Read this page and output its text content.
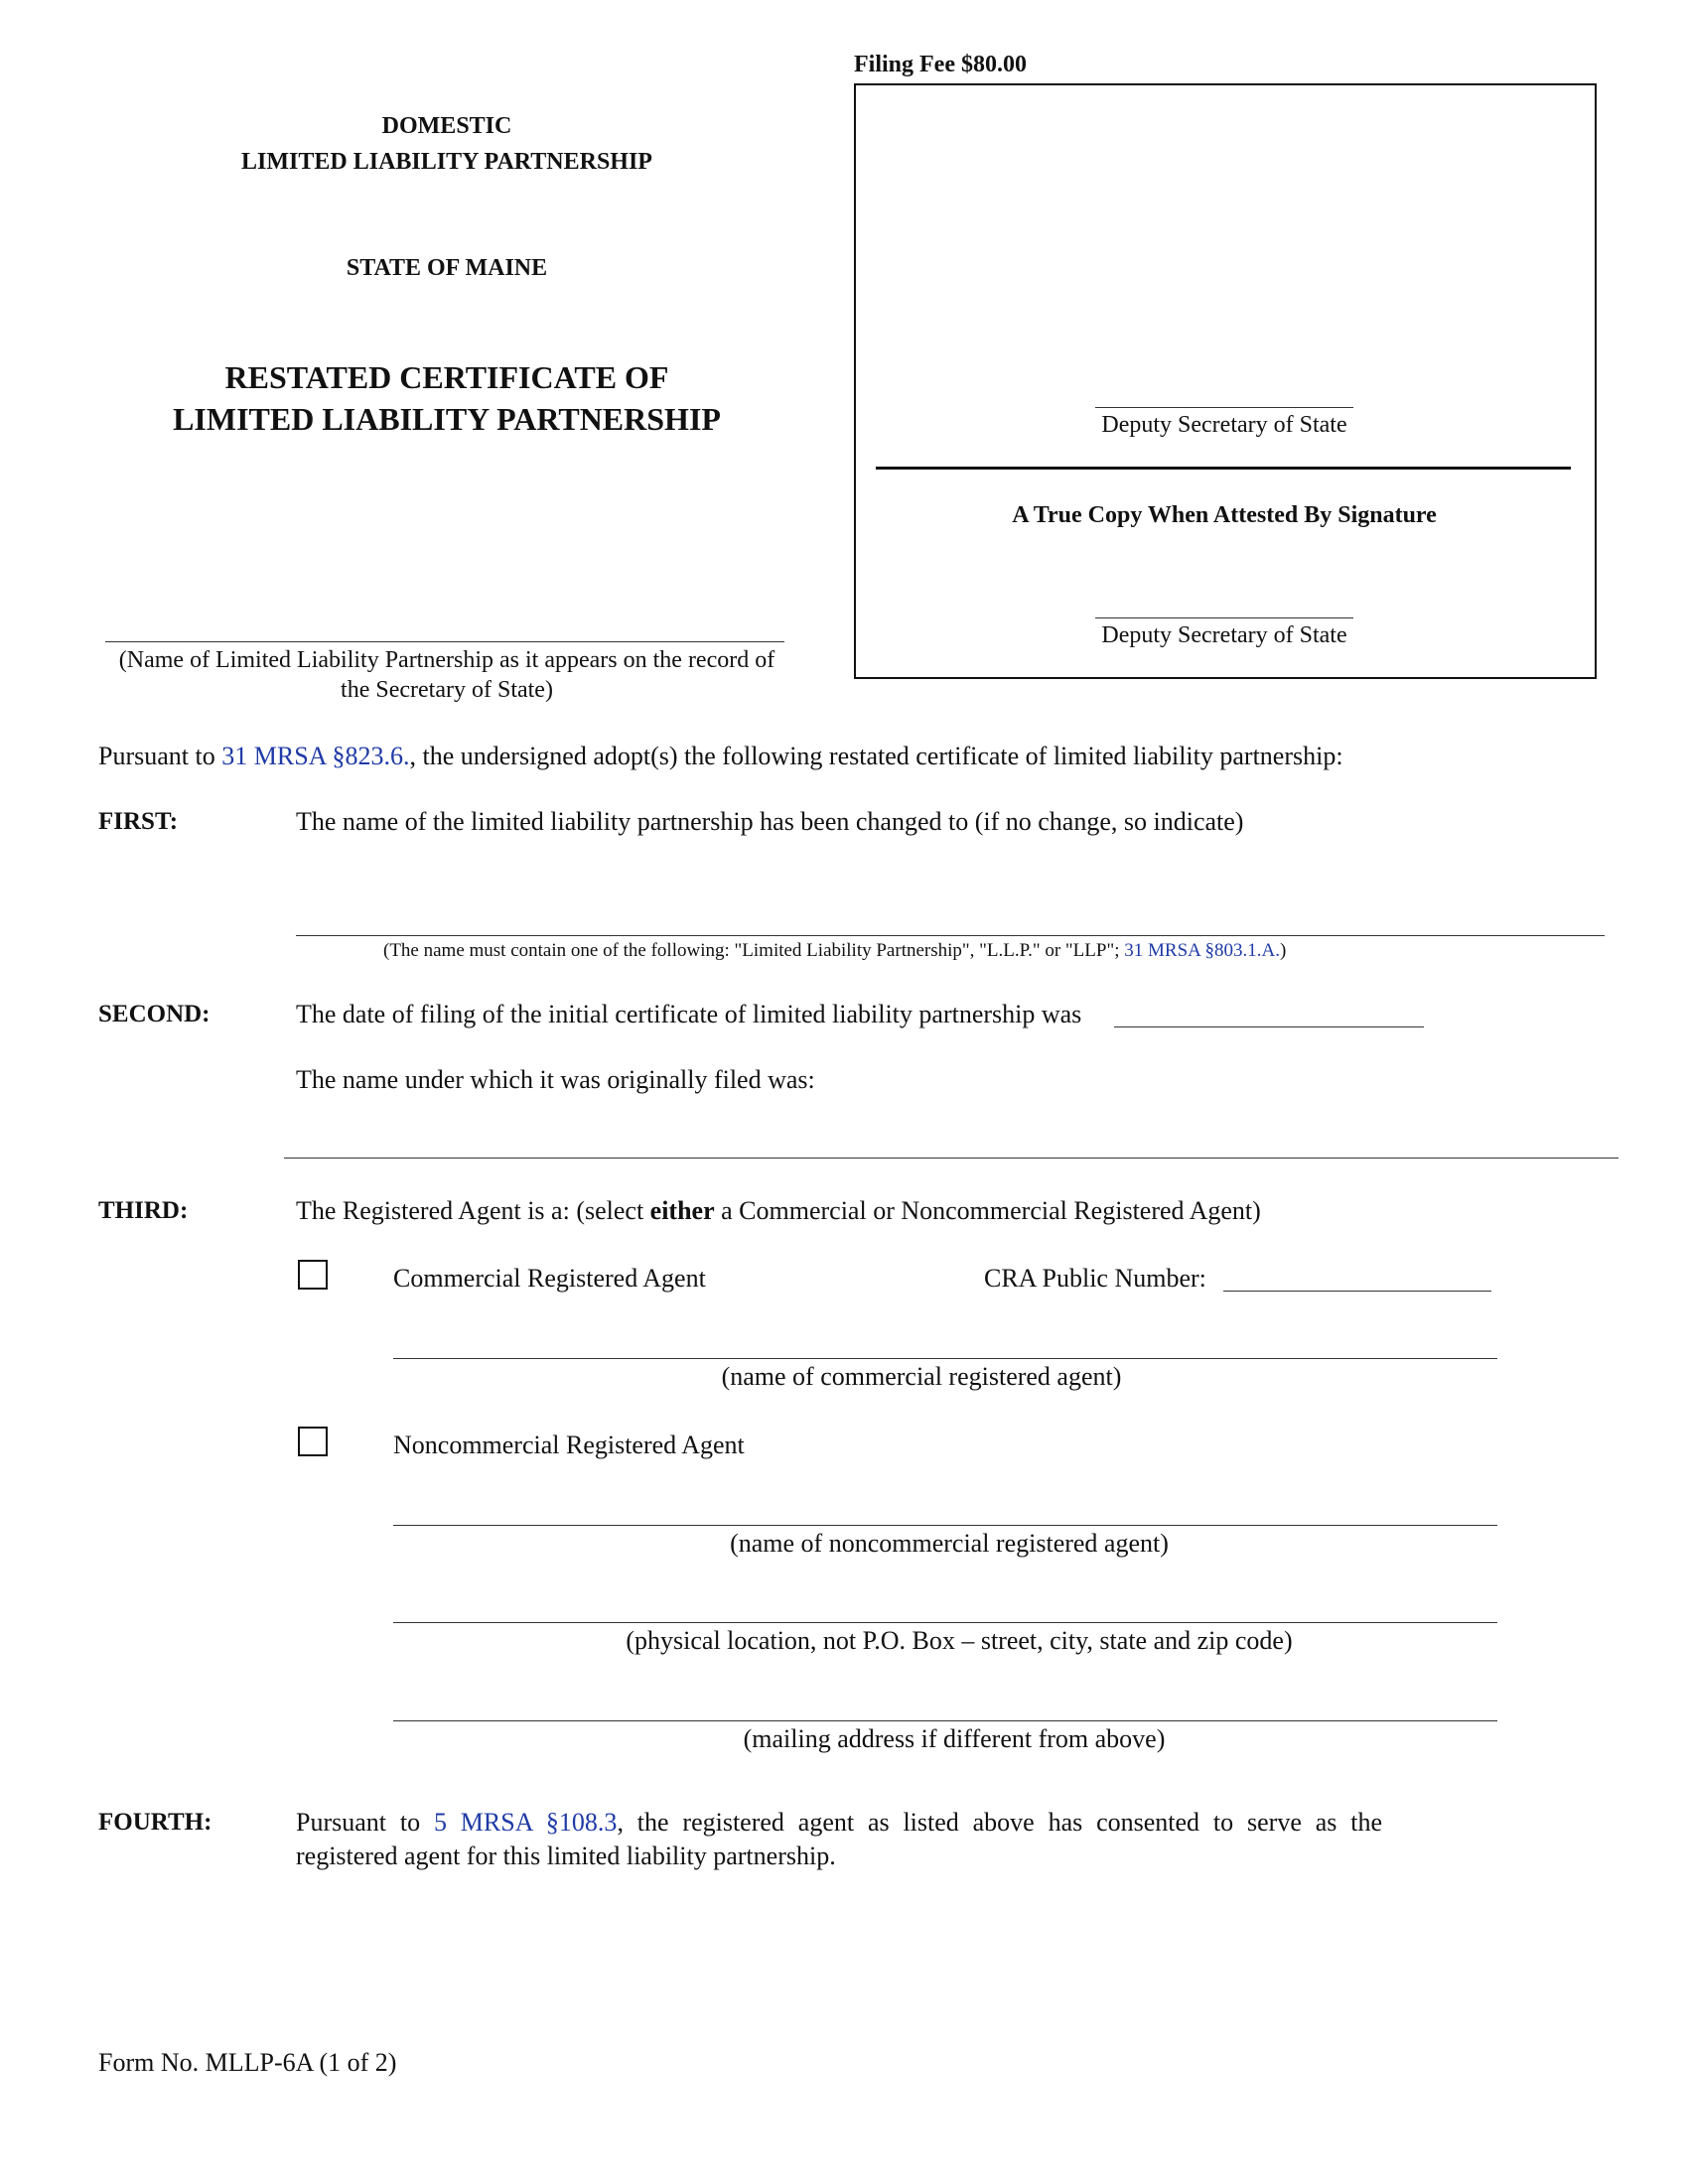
Filing Fee $80.00
Deputy Secretary of State
A True Copy When Attested By Signature
Deputy Secretary of State
DOMESTIC
LIMITED LIABILITY PARTNERSHIP
STATE OF MAINE
RESTATED CERTIFICATE OF
LIMITED LIABILITY PARTNERSHIP
(Name of Limited Liability Partnership as it appears on the record of
the Secretary of State)
Pursuant to 31 MRSA §823.6., the undersigned adopt(s) the following restated certificate of limited liability partnership:
FIRST:	The name of the limited liability partnership has been changed to (if no change, so indicate)
(The name must contain one of the following: "Limited Liability Partnership", "L.L.P." or "LLP"; 31 MRSA §803.1.A.)
SECOND:	The date of filing of the initial certificate of limited liability partnership was
The name under which it was originally filed was:
THIRD:	The Registered Agent is a: (select either a Commercial or Noncommercial Registered Agent)
Commercial Registered Agent	CRA Public Number:
(name of commercial registered agent)
Noncommercial Registered Agent
(name of noncommercial registered agent)
(physical location, not P.O. Box – street, city, state and zip code)
(mailing address if different from above)
FOURTH:	Pursuant to 5 MRSA §108.3, the registered agent as listed above has consented to serve as the
registered agent for this limited liability partnership.
Form No. MLLP-6A (1 of 2)
